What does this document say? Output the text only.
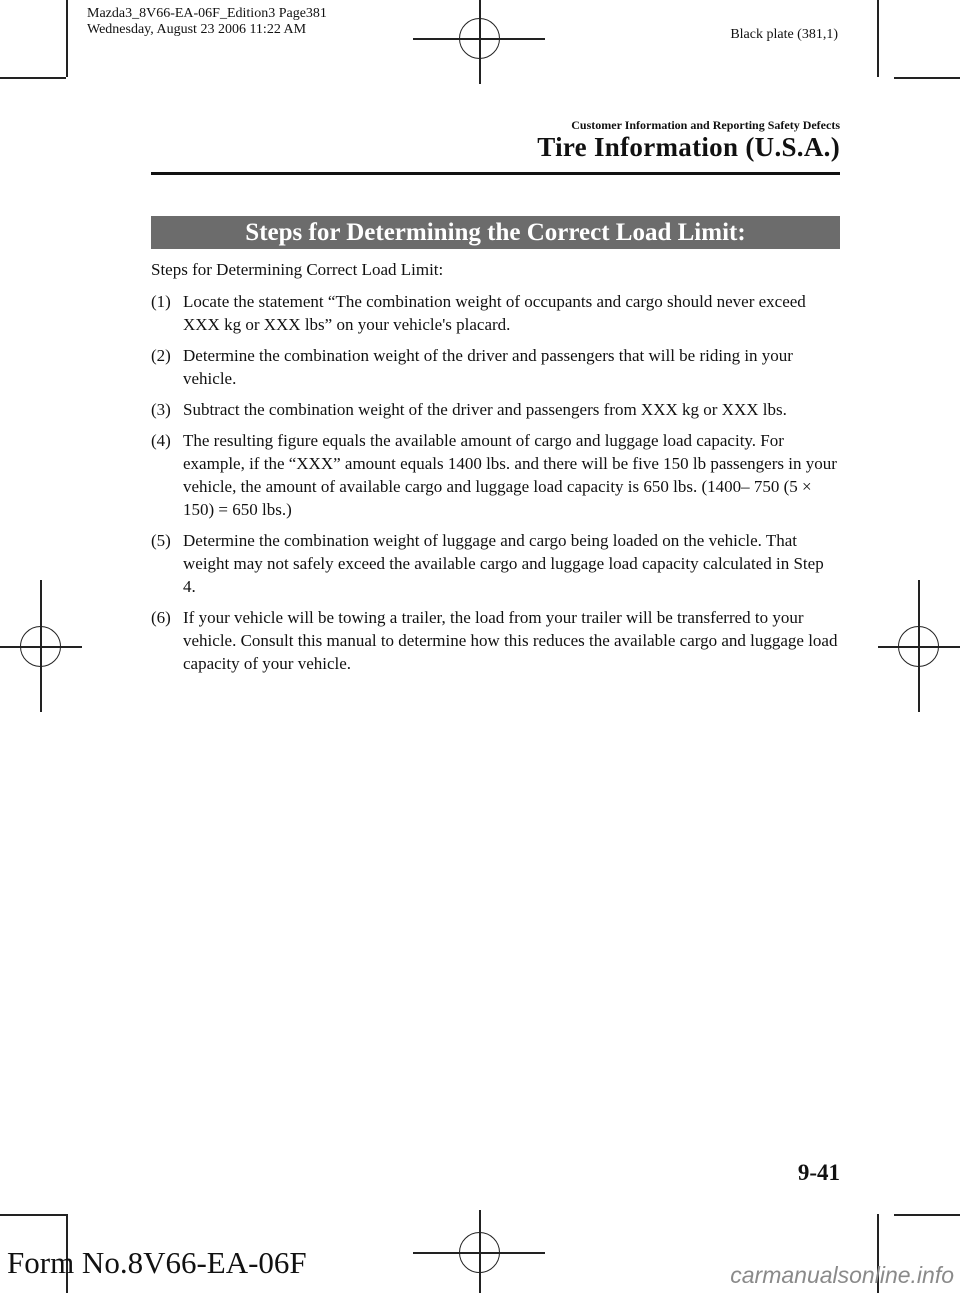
Mazda3_8V66-EA-06F_Edition3 Page381
Wednesday, August 23 2006 11:22 AM	Black plate (381,1)
Customer Information and Reporting Safety Defects
Tire Information (U.S.A.)
Steps for Determining the Correct Load Limit:

Steps for Determining Correct Load Limit:

(1) Locate the statement “The combination weight of occupants and cargo should never exceed XXX kg or XXX lbs” on your vehicle's placard.
(2) Determine the combination weight of the driver and passengers that will be riding in your vehicle.
(3) Subtract the combination weight of the driver and passengers from XXX kg or XXX lbs.
(4) The resulting figure equals the available amount of cargo and luggage load capacity. For example, if the “XXX” amount equals 1400 lbs. and there will be five 150 lb passengers in your vehicle, the amount of available cargo and luggage load capacity is 650 lbs. (1400– 750 (5 × 150) = 650 lbs.)
(5) Determine the combination weight of luggage and cargo being loaded on the vehicle. That weight may not safely exceed the available cargo and luggage load capacity calculated in Step 4.
(6) If your vehicle will be towing a trailer, the load from your trailer will be transferred to your vehicle. Consult this manual to determine how this reduces the available cargo and luggage load capacity of your vehicle.
9-41
Form No.8V66-EA-06F	carmanualsonline.info
